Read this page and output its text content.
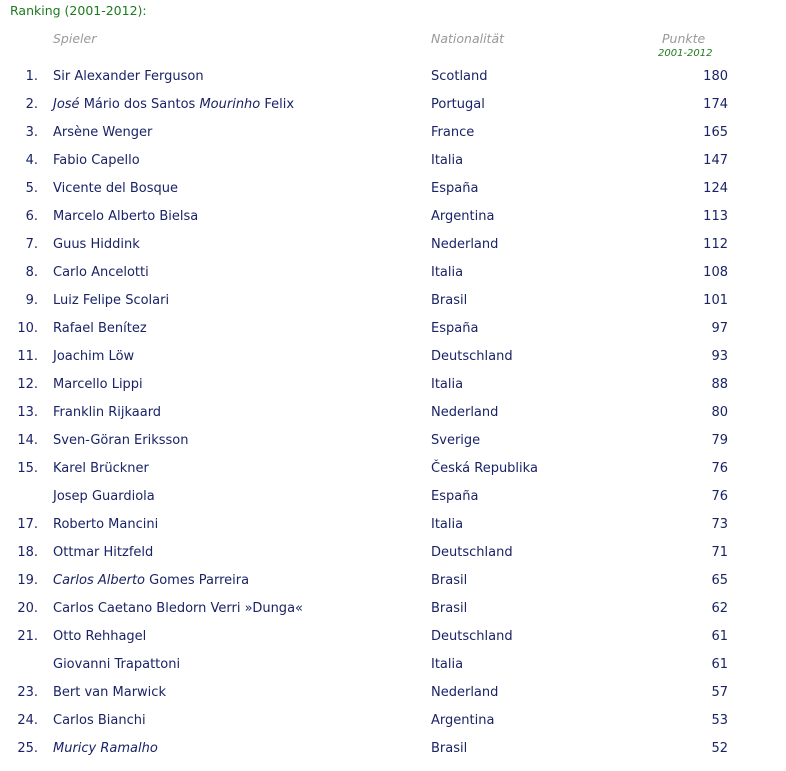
Ranking (2001-2012):
Spieler	Nationalität	Punkte
2001-2012
1. Sir Alexander Ferguson	Scotland	180
2. José Mário dos Santos Mourinho Felix	Portugal	174
3. Arsène Wenger	France	165
4. Fabio Capello	Italia	147
5. Vicente del Bosque	España	124
6. Marcelo Alberto Bielsa	Argentina	113
7. Guus Hiddink	Nederland	112
8. Carlo Ancelotti	Italia	108
9. Luiz Felipe Scolari	Brasil	101
10. Rafael Benítez	España	97
11. Joachim Löw	Deutschland	93
12. Marcello Lippi	Italia	88
13. Franklin Rijkaard	Nederland	80
14. Sven-Göran Eriksson	Sverige	79
15. Karel Brückner	Česká Republika	76
Josep Guardiola	España	76
17. Roberto Mancini	Italia	73
18. Ottmar Hitzfeld	Deutschland	71
19. Carlos Alberto Gomes Parreira	Brasil	65
20. Carlos Caetano Bledorn Verri »Dunga«	Brasil	62
21. Otto Rehhagel	Deutschland	61
Giovanni Trapattoni	Italia	61
23. Bert van Marwick	Nederland	57
24. Carlos Bianchi	Argentina	53
25. Muricy Ramalho	Brasil	52
